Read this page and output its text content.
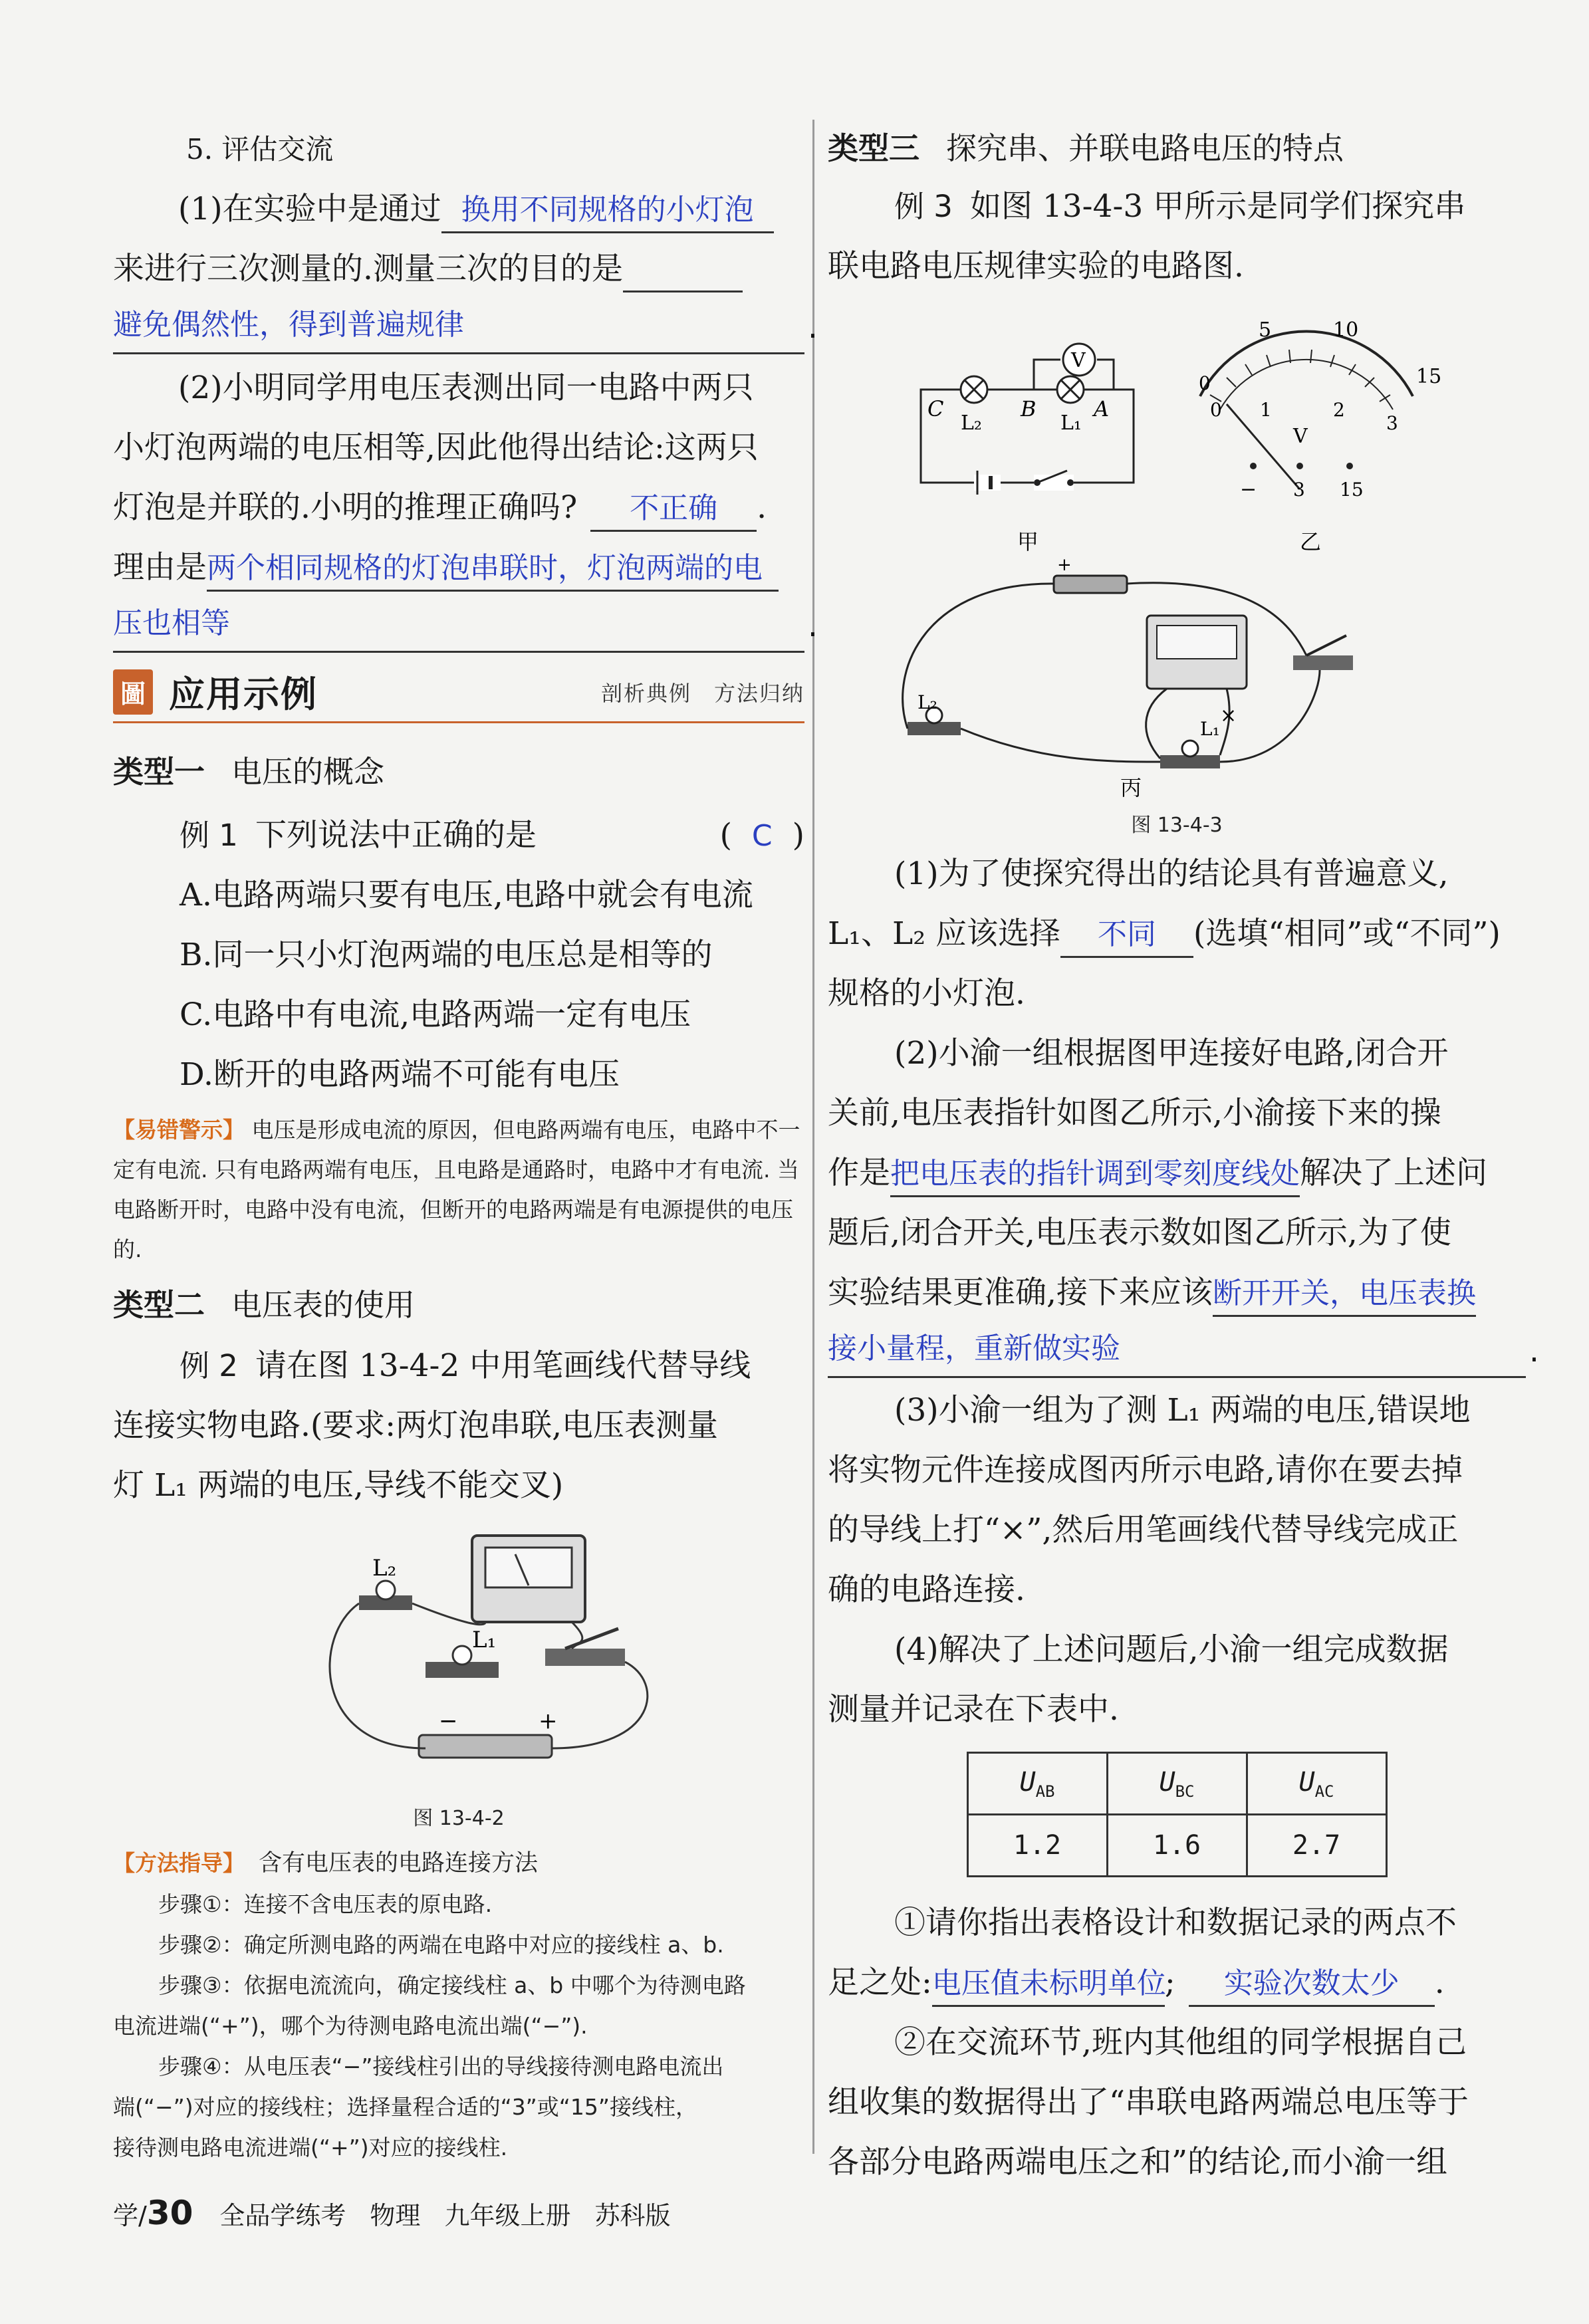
5. 评估交流

(1)在实验中是通过 换用不同规格的小灯泡

来进行三次测量的.测量三次的目的是

避免偶然性，得到普遍规律	.

(2)小明同学用电压表测出同一电路中两只

小灯泡两端的电压相等,因此他得出结论:这两只

灯泡是并联的.小明的推理正确吗? 不正确 .

理由是两个相同规格的灯泡串联时，灯泡两端的电

压也相等	.
圖 应用示例	剖析典例　方法归纳

类型一 电压的概念

例 1 下列说法中正确的是	( C )

A.电路两端只要有电压,电路中就会有电流

B.同一只小灯泡两端的电压总是相等的

C.电路中有电流,电路两端一定有电压

D.断开的电路两端不可能有电压

【易错警示】 电压是形成电流的原因，但电路两端有电压，电路中不一定有电流. 只有电路两端有电压，且电路是通路时，电路中才有电流. 当电路断开时，电路中没有电流，但断开的电路两端是有电源提供的电压的.

类型二 电压表的使用

例 2 请在图 13-4-2 中用笔画线代替导线

连接实物电路.(要求:两灯泡串联,电压表测量

灯 L₁ 两端的电压,导线不能交叉)

L₂
L₁
−	+

图 13-4-2

【方法指导】 含有电压表的电路连接方法

步骤①：连接不含电压表的原电路.

步骤②：确定所测电路的两端在电路中对应的接线柱 a、b.

步骤③：依据电流流向，确定接线柱 a、b 中哪个为待测电路

电流进端(“+”)，哪个为待测电路电流出端(“−”).

步骤④：从电压表“−”接线柱引出的导线接待测电路电流出

端(“−”)对应的接线柱；选择量程合适的“3”或“15”接线柱，

接待测电路电流进端(“+”)对应的接线柱.

类型三 探究串、并联电路电压的特点

例 3 如图 13-4-3 甲所示是同学们探究串

联电路电压规律实验的电路图.

V
C
L₂
B
L₁
A
甲
5	10
15
0
1	2
3
0
V
− 3 15
乙
×
+
L₂
L₁
丙

图 13-4-3

(1)为了使探究得出的结论具有普遍意义,

L₁、L₂ 应该选择 不同 (选填“相同”或“不同”)

规格的小灯泡.

(2)小渝一组根据图甲连接好电路,闭合开

关前,电压表指针如图乙所示,小渝接下来的操

作是把电压表的指针调到零刻度线处解决了上述问

题后,闭合开关,电压表示数如图乙所示,为了使

实验结果更准确,接下来应该断开开关，电压表换

接小量程，重新做实验	.

(3)小渝一组为了测 L₁ 两端的电压,错误地

将实物元件连接成图丙所示电路,请你在要去掉

的导线上打“×”,然后用笔画线代替导线完成正

确的电路连接.

(4)解决了上述问题后,小渝一组完成数据

测量并记录在下表中.

$U_{AB}$	$U_{BC}$	$U_{AC}$
1.2	1.6	2.7

①请你指出表格设计和数据记录的两点不

足之处:电压值未标明单位; 实验次数太少 .

②在交流环节,班内其他组的同学根据自己

组收集的数据得出了“串联电路两端总电压等于

各部分电路两端电压之和”的结论,而小渝一组

学/30 全品学练考 物理 九年级上册 苏科版
